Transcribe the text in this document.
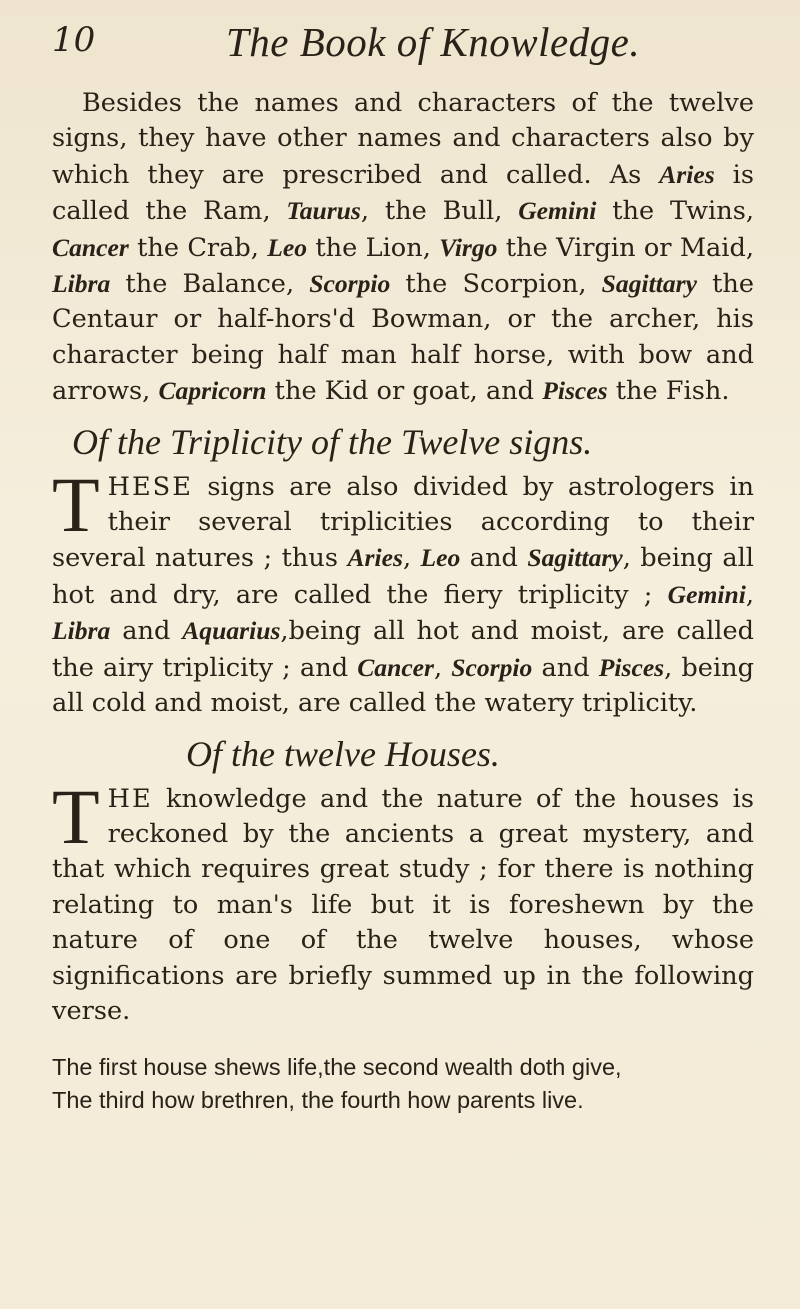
10	The Book of Knowledge.

Besides the names and characters of the twelve signs, they have other names and characters also by which they are prescribed and called. As Aries is called the Ram, Taurus, the Bull, Gemini the Twins, Cancer the Crab, Leo the Lion, Virgo the Virgin or Maid, Libra the Balance, Scorpio the Scorpion, Sagittary the Centaur or half-hors'd Bowman, or the archer, his character being half man half horse, with bow and arrows, Capricorn the Kid or goat, and Pisces the Fish.

Of the Triplicity of the Twelve signs.

THESE signs are also divided by astrologers in their several triplicities according to their several natures ; thus Aries, Leo and Sagittary, being all hot and dry, are called the fiery triplicity ; Gemini, Libra and Aquarius,being all hot and moist, are called the airy triplicity ; and Cancer, Scorpio and Pisces, being all cold and moist, are called the watery triplicity.

Of the twelve Houses.

THE knowledge and the nature of the houses is reckoned by the ancients a great mystery, and that which requires great study ; for there is nothing relating to man's life but it is foreshewn by the nature of one of the twelve houses, whose significations are briefly summed up in the following verse.

The first house shews life,the second wealth doth give,

The third how brethren, the fourth how parents live.
